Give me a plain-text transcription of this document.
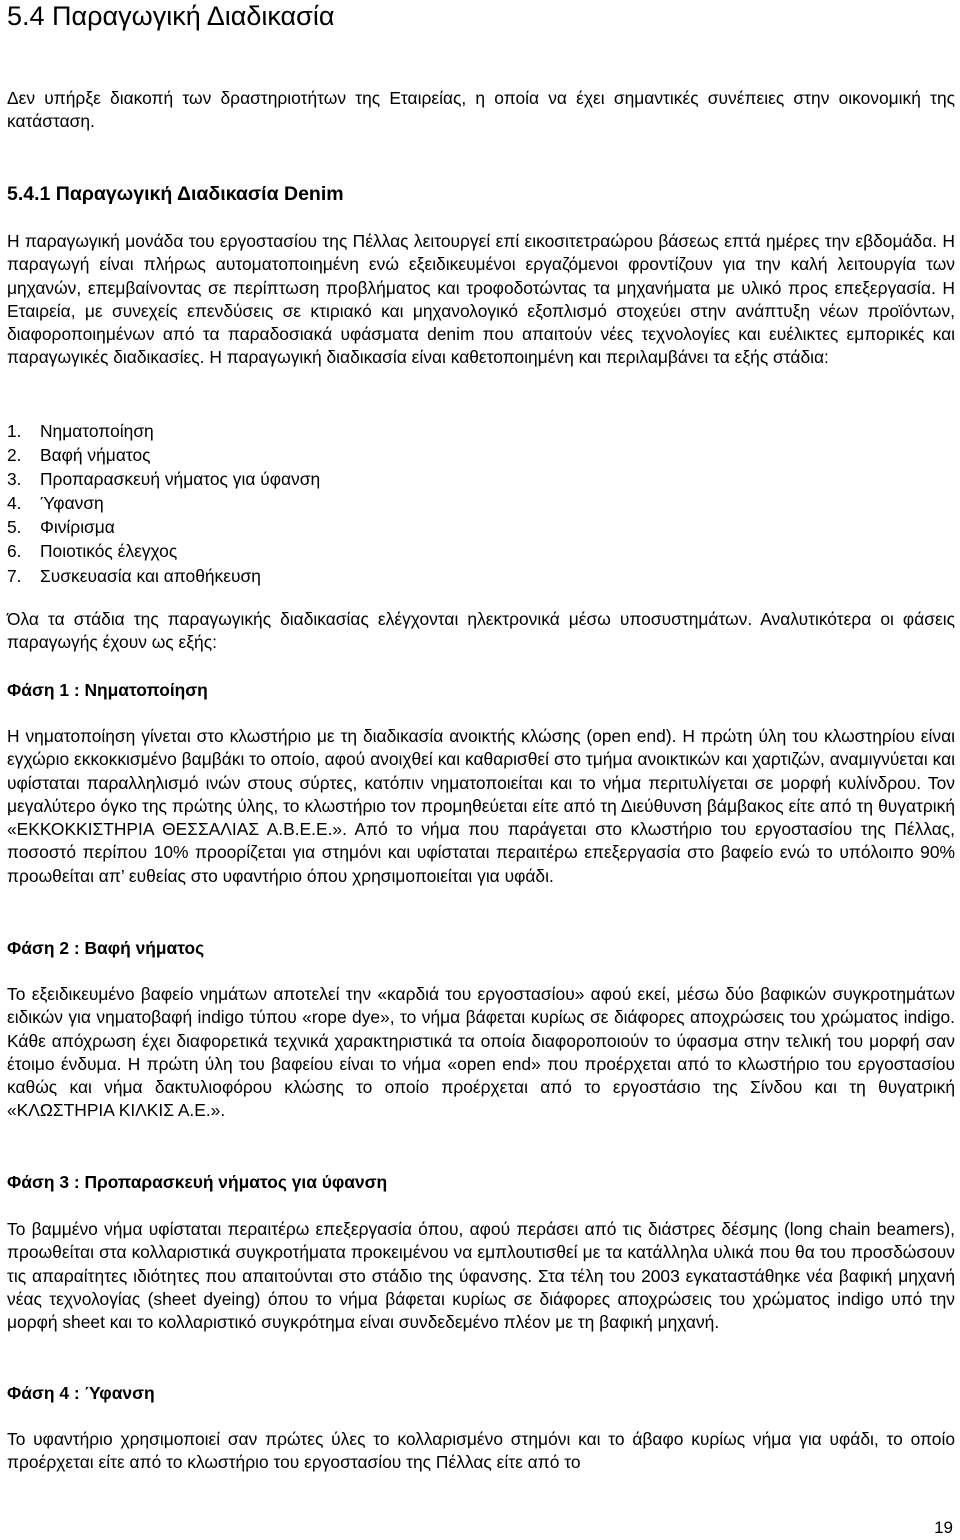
5.4 Παραγωγική Διαδικασία

Δεν υπήρξε διακοπή των δραστηριοτήτων της Εταιρείας, η οποία να έχει σημαντικές συνέπειες στην οικονομική της κατάσταση.

5.4.1 Παραγωγική Διαδικασία Denim

Η παραγωγική μονάδα του εργοστασίου της Πέλλας λειτουργεί επί εικοσιτετραώρου βάσεως επτά ημέρες την εβδομάδα. Η παραγωγή είναι πλήρως αυτοματοποιημένη ενώ εξειδικευμένοι εργαζόμενοι φροντίζουν για την καλή λειτουργία των μηχανών, επεμβαίνοντας σε περίπτωση προβλήματος και τροφοδοτώντας τα μηχανήματα με υλικό προς επεξεργασία. Η Εταιρεία, με συνεχείς επενδύσεις σε κτιριακό και μηχανολογικό εξοπλισμό στοχεύει στην ανάπτυξη νέων προϊόντων, διαφοροποιημένων από τα παραδοσιακά υφάσματα denim που απαιτούν νέες τεχνολογίες και ευέλικτες εμπορικές και παραγωγικές διαδικασίες. Η παραγωγική διαδικασία είναι καθετοποιημένη και περιλαμβάνει τα εξής στάδια:

1. Νηματοποίηση
2. Βαφή νήματος
3. Προπαρασκευή νήματος για ύφανση
4. Ύφανση
5. Φινίρισμα
6. Ποιοτικός έλεγχος
7. Συσκευασία και αποθήκευση

Όλα τα στάδια της παραγωγικής διαδικασίας ελέγχονται ηλεκτρονικά μέσω υποσυστημάτων. Αναλυτικότερα οι φάσεις παραγωγής έχουν ως εξής:

Φάση 1 : Νηματοποίηση

Η νηματοποίηση γίνεται στο κλωστήριο με τη διαδικασία ανοικτής κλώσης (open end). Η πρώτη ύλη του κλωστηρίου είναι εγχώριο εκκοκκισμένο βαμβάκι το οποίο, αφού ανοιχθεί και καθαρισθεί στο τμήμα ανοικτικών και χαρτιζών, αναμιγνύεται και υφίσταται παραλληλισμό ινών στους σύρτες, κατόπιν νηματοποιείται και το νήμα περιτυλίγεται σε μορφή κυλίνδρου. Τον μεγαλύτερο όγκο της πρώτης ύλης, το κλωστήριο τον προμηθεύεται είτε από τη Διεύθυνση βάμβακος είτε από τη θυγατρική «ΕΚΚΟΚΚΙΣΤΗΡΙΑ ΘΕΣΣΑΛΙΑΣ Α.Β.Ε.Ε.». Από το νήμα που παράγεται στο κλωστήριο του εργοστασίου της Πέλλας, ποσοστό περίπου 10% προορίζεται για στημόνι και υφίσταται περαιτέρω επεξεργασία στο βαφείο ενώ το υπόλοιπο 90% προωθείται απ’ ευθείας στο υφαντήριο όπου χρησιμοποιείται για υφάδι.

Φάση 2 : Βαφή νήματος

Το εξειδικευμένο βαφείο νημάτων αποτελεί την «καρδιά του εργοστασίου» αφού εκεί, μέσω δύο βαφικών συγκροτημάτων ειδικών για νηματοβαφή indigo τύπου «rope dye», το νήμα βάφεται κυρίως σε διάφορες αποχρώσεις του χρώματος indigo. Κάθε απόχρωση έχει διαφορετικά τεχνικά χαρακτηριστικά τα οποία διαφοροποιούν το ύφασμα στην τελική του μορφή σαν έτοιμο ένδυμα. Η πρώτη ύλη του βαφείου είναι το νήμα «open end» που προέρχεται από το κλωστήριο του εργοστασίου καθώς και νήμα δακτυλιοφόρου κλώσης το οποίο προέρχεται από το εργοστάσιο της Σίνδου και τη θυγατρική «ΚΛΩΣΤΗΡΙΑ ΚΙΛΚΙΣ Α.Ε.».

Φάση 3 : Προπαρασκευή νήματος για ύφανση

Το βαμμένο νήμα υφίσταται περαιτέρω επεξεργασία όπου, αφού περάσει από τις διάστρες δέσμης (long chain beamers), προωθείται στα κολλαριστικά συγκροτήματα προκειμένου να εμπλουτισθεί με τα κατάλληλα υλικά που θα του προσδώσουν τις απαραίτητες ιδιότητες που απαιτούνται στο στάδιο της ύφανσης. Στα τέλη του 2003 εγκαταστάθηκε νέα βαφική μηχανή νέας τεχνολογίας (sheet dyeing) όπου το νήμα βάφεται κυρίως σε διάφορες αποχρώσεις του χρώματος indigo υπό την μορφή sheet και το κολλαριστικό συγκρότημα είναι συνδεδεμένο πλέον με τη βαφική μηχανή.

Φάση 4 : Ύφανση

Το υφαντήριο χρησιμοποιεί σαν πρώτες ύλες το κολλαρισμένο στημόνι και το άβαφο κυρίως νήμα για υφάδι, το οποίο προέρχεται είτε από το κλωστήριο του εργοστασίου της Πέλλας είτε από το

19
